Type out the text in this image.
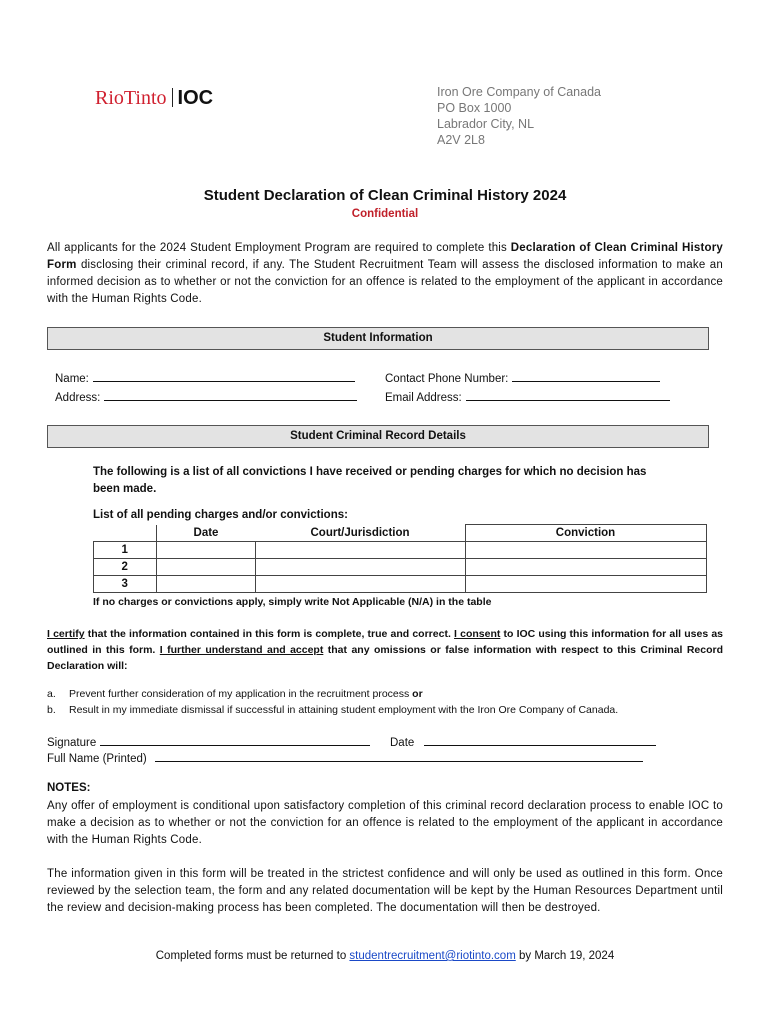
RioTinto IOC	Iron Ore Company of Canada
PO Box 1000
Labrador City, NL
A2V 2L8
Student Declaration of Clean Criminal History 2024
Confidential
All applicants for the 2024 Student Employment Program are required to complete this Declaration of Clean Criminal History Form disclosing their criminal record, if any. The Student Recruitment Team will assess the disclosed information to make an informed decision as to whether or not the conviction for an offence is related to the employment of the applicant in accordance with the Human Rights Code.
Student Information
Name:	Contact Phone Number:
Address:	Email Address:
Student Criminal Record Details
The following is a list of all convictions I have received or pending charges for which no decision has been made.
List of all pending charges and/or convictions:
	Date	Court/Jurisdiction	Conviction
1			
2			
3			
If no charges or convictions apply, simply write Not Applicable (N/A) in the table
I certify that the information contained in this form is complete, true and correct. I consent to IOC using this information for all uses as outlined in this form. I further understand and accept that any omissions or false information with respect to this Criminal Record Declaration will:
a. Prevent further consideration of my application in the recruitment process or
b. Result in my immediate dismissal if successful in attaining student employment with the Iron Ore Company of Canada.
Signature	Date
Full Name (Printed)
NOTES:
Any offer of employment is conditional upon satisfactory completion of this criminal record declaration process to enable IOC to make a decision as to whether or not the conviction for an offence is related to the employment of the applicant in accordance with the Human Rights Code.
The information given in this form will be treated in the strictest confidence and will only be used as outlined in this form. Once reviewed by the selection team, the form and any related documentation will be kept by the Human Resources Department until the review and decision-making process has been completed. The documentation will then be destroyed.
Completed forms must be returned to studentrecruitment@riotinto.com by March 19, 2024
